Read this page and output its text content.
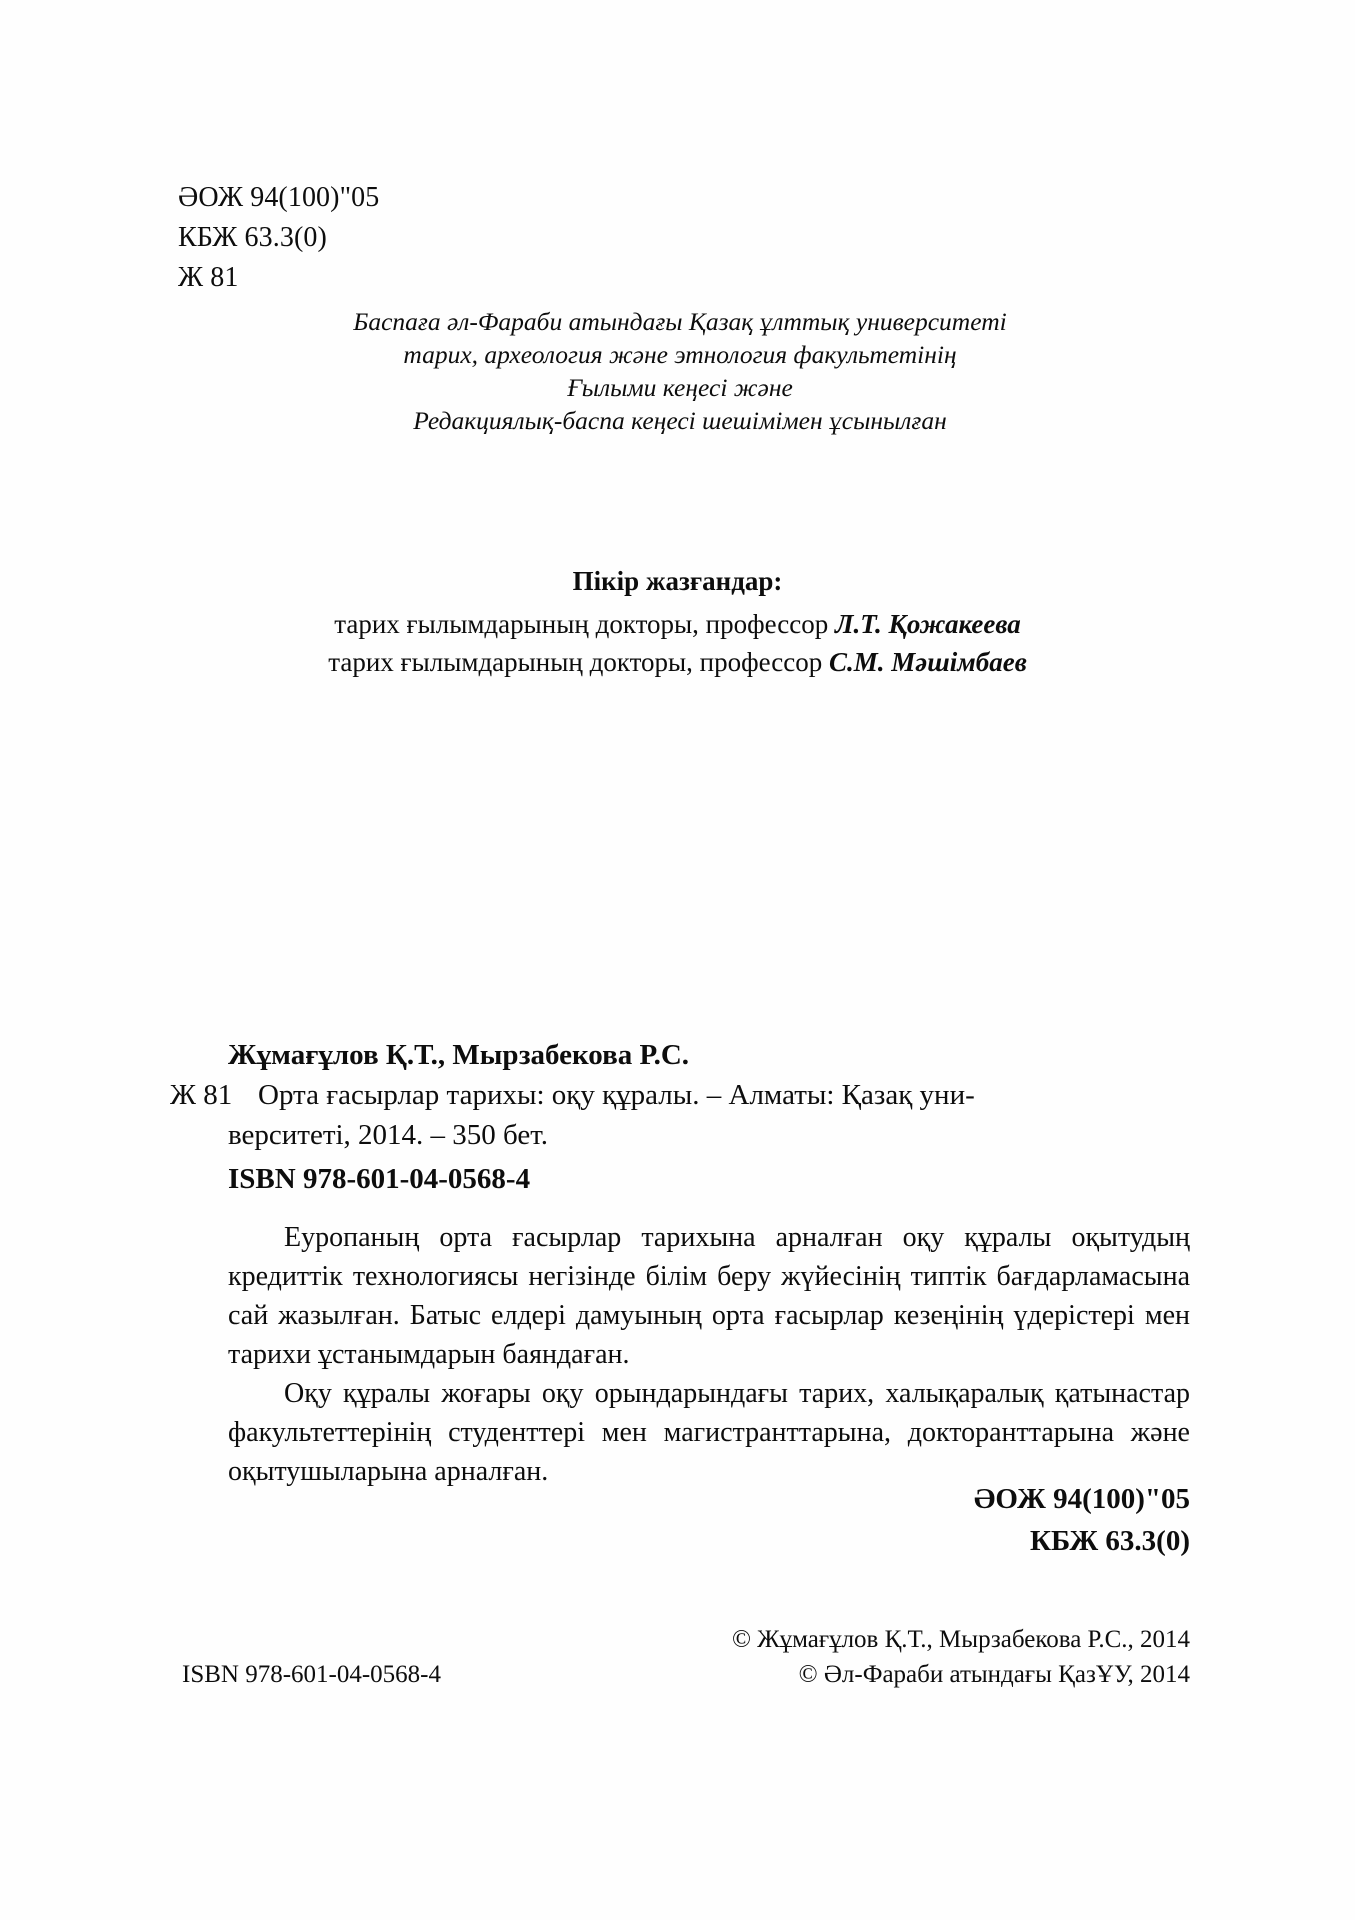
ӘОЖ 94(100)"05
КБЖ 63.3(0)
Ж 81
Баспаға әл-Фараби атындағы Қазақ ұлттық университеті
тарих, археология және этнология факультетінің
Ғылыми кеңесі және
Редакциялық-баспа кеңесі шешімімен ұсынылған
Пікір жазғандар:
тарих ғылымдарының докторы, профессор Л.Т. Қожакеева
тарих ғылымдарының докторы, профессор С.М. Мәшімбаев
Жұмағұлов Қ.Т., Мырзабекова Р.С.
Ж 81 Орта ғасырлар тарихы: оқу құралы. – Алматы: Қазақ уни-
верситеті, 2014. – 350 бет.
ISBN 978-601-04-0568-4

Еуропаның орта ғасырлар тарихына арналған оқу құралы оқытудың кредиттік технологиясы негізінде білім беру жүйесінің типтік бағдарламасына сай жазылған. Батыс елдері дамуының орта ғасырлар кезеңінің үдерістері мен тарихи ұстанымдарын баяндаған.

Оқу құралы жоғары оқу орындарындағы тарих, халықаралық қатынастар факультеттерінің студенттері мен магистранттарына, докторанттарына және оқытушыларына арналған.

ӘОЖ 94(100)"05
КБЖ 63.3(0)
© Жұмағұлов Қ.Т., Мырзабекова Р.С., 2014
© Әл-Фараби атындағы ҚазҰУ, 2014
ISBN 978-601-04-0568-4
